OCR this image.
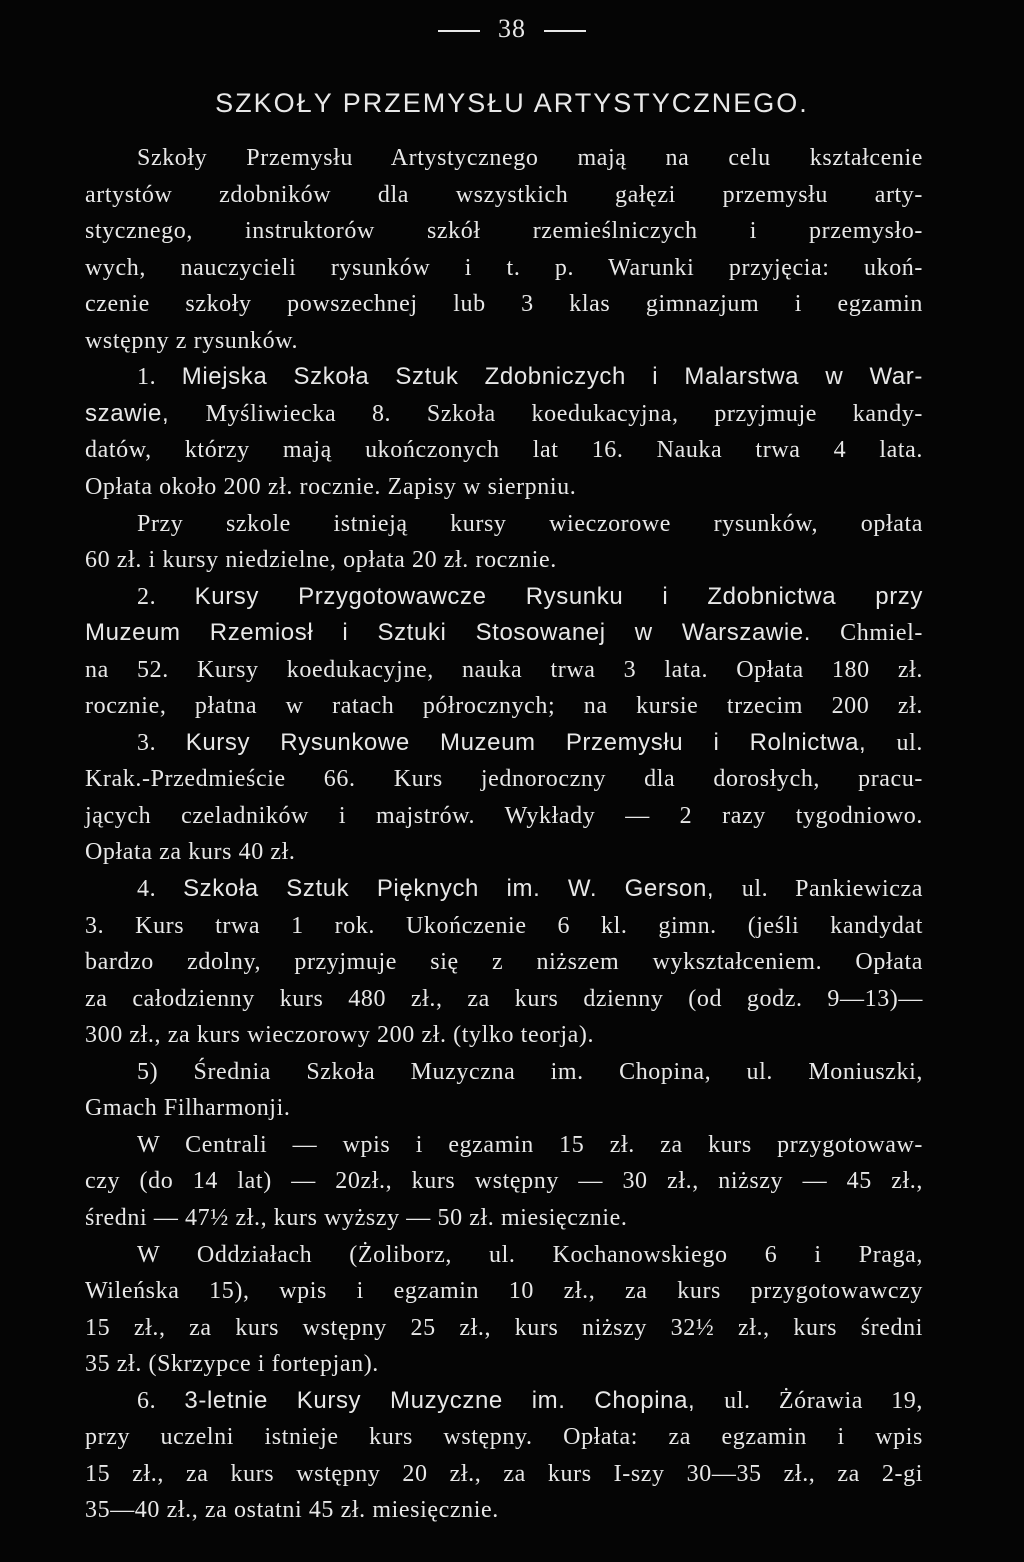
38
SZKOŁY PRZEMYSŁU ARTYSTYCZNEGO.
Szkoły Przemysłu Artystycznego mają na celu kształcenie
artystów zdobników dla wszystkich gałęzi przemysłu arty-
stycznego, instruktorów szkół rzemieślniczych i przemysło-
wych, nauczycieli rysunków i t. p. Warunki przyjęcia: ukoń-
czenie szkoły powszechnej lub 3 klas gimnazjum i egzamin
wstępny z rysunków.
1. Miejska Szkoła Sztuk Zdobniczych i Malarstwa w War-
szawie, Myśliwiecka 8. Szkoła koedukacyjna, przyjmuje kandy-
datów, którzy mają ukończonych lat 16. Nauka trwa 4 lata.
Opłata około 200 zł. rocznie. Zapisy w sierpniu.
Przy szkole istnieją kursy wieczorowe rysunków, opłata
60 zł. i kursy niedzielne, opłata 20 zł. rocznie.
2. Kursy Przygotowawcze Rysunku i Zdobnictwa przy
Muzeum Rzemiosł i Sztuki Stosowanej w Warszawie. Chmiel-
na 52. Kursy koedukacyjne, nauka trwa 3 lata. Opłata 180 zł.
rocznie, płatna w ratach półrocznych; na kursie trzecim 200 zł.
3. Kursy Rysunkowe Muzeum Przemysłu i Rolnictwa, ul.
Krak.-Przedmieście 66. Kurs jednoroczny dla dorosłych, pracu-
jących czeladników i majstrów. Wykłady — 2 razy tygodniowo.
Opłata za kurs 40 zł.
4. Szkoła Sztuk Pięknych im. W. Gerson, ul. Pankiewicza
3. Kurs trwa 1 rok. Ukończenie 6 kl. gimn. (jeśli kandydat
bardzo zdolny, przyjmuje się z niższem wykształceniem. Opłata
za całodzienny kurs 480 zł., za kurs dzienny (od godz. 9—13)—
300 zł., za kurs wieczorowy 200 zł. (tylko teorja).
5) Średnia Szkoła Muzyczna im. Chopina, ul. Moniuszki,
Gmach Filharmonji.
W Centrali — wpis i egzamin 15 zł. za kurs przygotowaw-
czy (do 14 lat) — 20zł., kurs wstępny — 30 zł., niższy — 45 zł.,
średni — 47½ zł., kurs wyższy — 50 zł. miesięcznie.
W Oddziałach (Żoliborz, ul. Kochanowskiego 6 i Praga,
Wileńska 15), wpis i egzamin 10 zł., za kurs przygotowawczy
15 zł., za kurs wstępny 25 zł., kurs niższy 32½ zł., kurs średni
35 zł. (Skrzypce i fortepjan).
6. 3-letnie Kursy Muzyczne im. Chopina, ul. Żórawia 19,
przy uczelni istnieje kurs wstępny. Opłata: za egzamin i wpis
15 zł., za kurs wstępny 20 zł., za kurs I-szy 30—35 zł., za 2-gi
35—40 zł., za ostatni 45 zł. miesięcznie.
